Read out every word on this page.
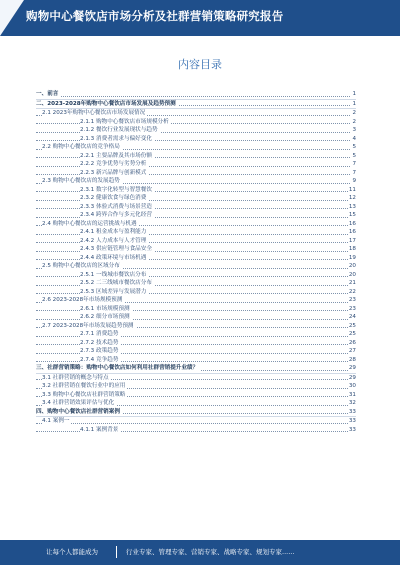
购物中心餐饮店市场分析及社群营销策略研究报告
内容目录
一、前言	1
二、2023-2028年购物中心餐饮店市场发展及趋势预测	1
2.1 2023年购物中心餐饮店市场发展情况	2
2.1.1 购物中心餐饮店市场规模分析	2
2.1.2 餐饮行业发展现状与趋势	3
2.1.3 消费者需求与偏好变化	4
2.2 购物中心餐饮店的竞争格局	5
2.2.1 主要品牌及其市场份额	5
2.2.2 竞争优势与劣势分析	7
2.2.3 新兴品牌与创新模式	7
2.3 购物中心餐饮店的发展趋势	9
2.3.1 数字化转型与智慧餐饮	11
2.3.2 健康饮食与绿色消费	12
2.3.3 体验式消费与场景营造	13
2.3.4 跨界合作与多元化经营	15
2.4 购物中心餐饮店的运营挑战与机遇	16
2.4.1 租金成本与盈利能力	16
2.4.2 人力成本与人才管理	17
2.4.3 供应链管理与食品安全	18
2.4.4 政策环境与市场机遇	19
2.5 购物中心餐饮店的区域分布	20
2.5.1 一线城市餐饮店分布	20
2.5.2 二三线城市餐饮店分布	21
2.5.3 区域差异与发展潜力	22
2.6 2023-2028年市场规模预测	23
2.6.1 市场规模预测	23
2.6.2 细分市场预测	24
2.7 2023-2028年市场发展趋势预测	25
2.7.1 消费趋势	25
2.7.2 技术趋势	26
2.7.3 政策趋势	27
2.7.4 竞争趋势	28
三、社群营销策略：购物中心餐饮店如何利用社群营销提升业绩？	29
3.1 社群营销的概念与特点	29
3.2 社群营销在餐饮行业中的应用	30
3.3 购物中心餐饮店社群营销策略	31
3.4 社群营销效果评估与优化	32
四、购物中心餐饮店社群营销案例	33
4.1 案例一	33
4.1.1 案例背景	33
让每个人都能成为	行业专家、管理专家、营销专家、战略专家、规划专家......
